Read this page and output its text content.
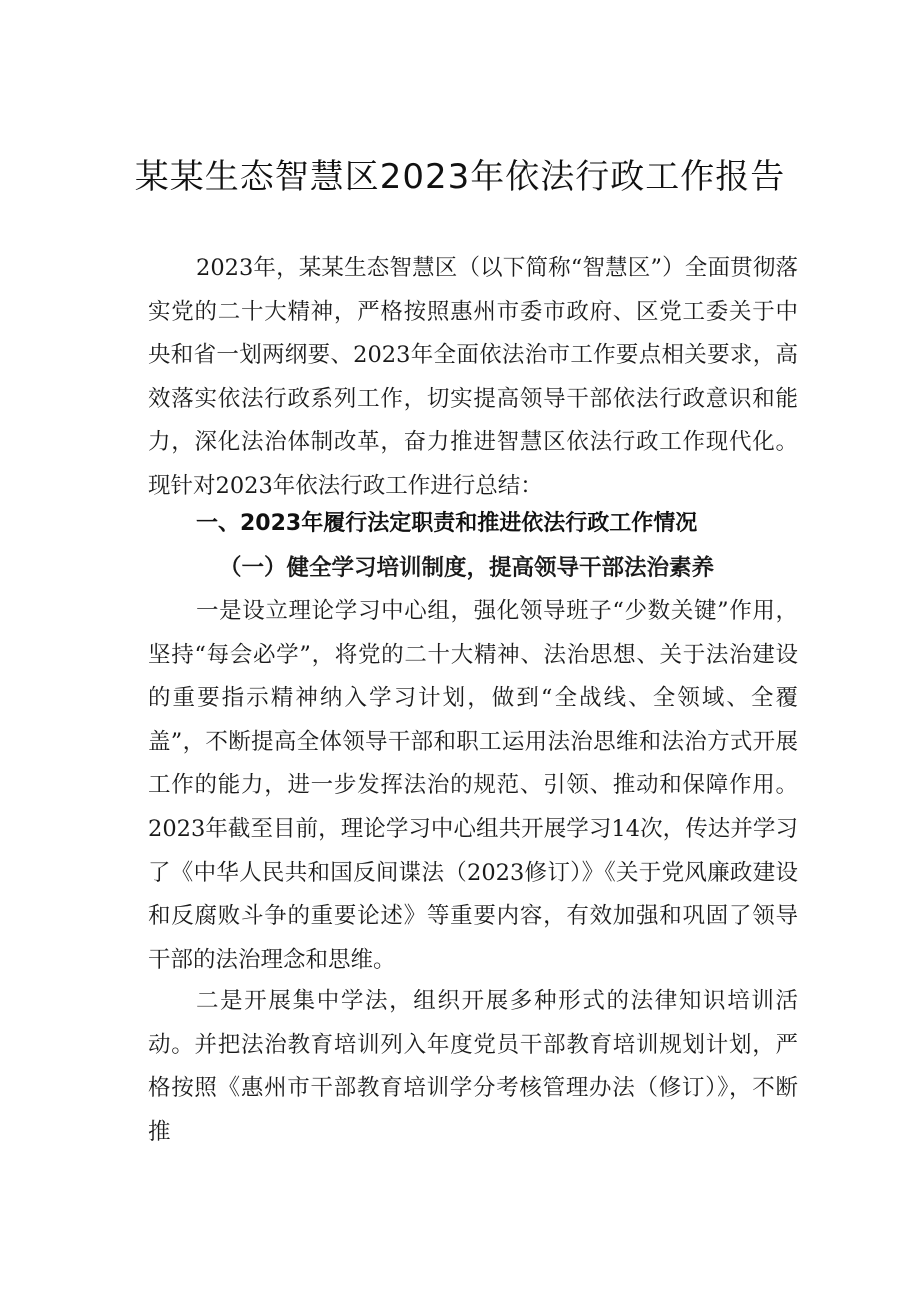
某某生态智慧区2023年依法行政工作报告

2023年，某某生态智慧区（以下简称“智慧区”）全面贯彻落实党的二十大精神，严格按照惠州市委市政府、区党工委关于中央和省一划两纲要、2023年全面依法治市工作要点相关要求，高效落实依法行政系列工作，切实提高领导干部依法行政意识和能力，深化法治体制改革，奋力推进智慧区依法行政工作现代化。现针对2023年依法行政工作进行总结：

一、2023年履行法定职责和推进依法行政工作情况
（一）健全学习培训制度，提高领导干部法治素养

一是设立理论学习中心组，强化领导班子“少数关键”作用，坚持“每会必学”，将党的二十大精神、法治思想、关于法治建设的重要指示精神纳入学习计划，做到“全战线、全领域、全覆盖”，不断提高全体领导干部和职工运用法治思维和法治方式开展工作的能力，进一步发挥法治的规范、引领、推动和保障作用。2023年截至目前，理论学习中心组共开展学习14次，传达并学习了《中华人民共和国反间谍法（2023修订）》《关于党风廉政建设和反腐败斗争的重要论述》等重要内容，有效加强和巩固了领导干部的法治理念和思维。

二是开展集中学法，组织开展多种形式的法律知识培训活动。并把法治教育培训列入年度党员干部教育培训规划计划，严格按照《惠州市干部教育培训学分考核管理办法（修订）》，不断推
